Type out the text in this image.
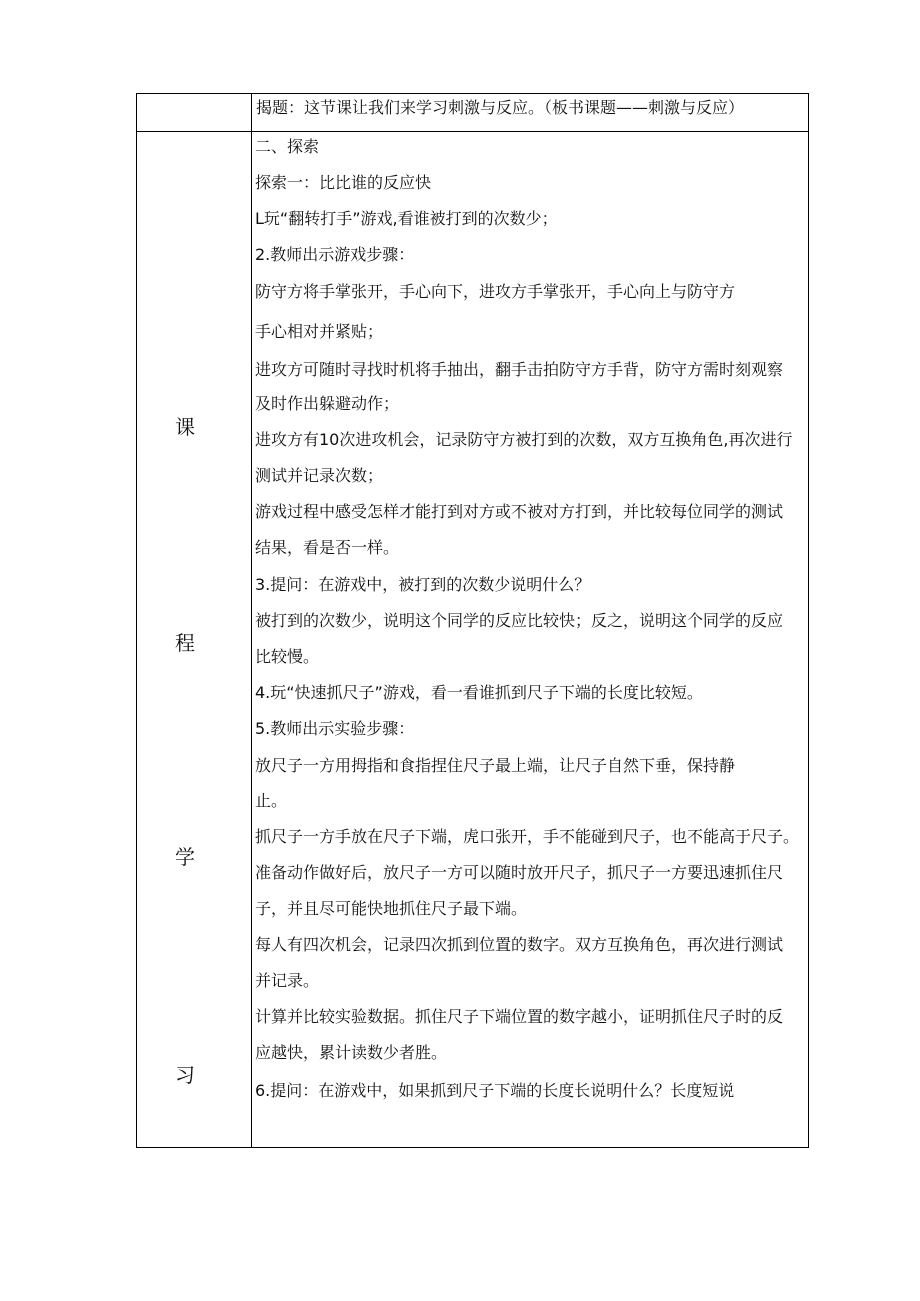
揭题：这节课让我们来学习刺激与反应。（板书课题——刺激与反应）
课
程
学
习
二、探索
探索一：比比谁的反应快
L玩“翻转打手”游戏,看谁被打到的次数少；
2.教师出示游戏步骤：
防守方将手掌张开，手心向下，进攻方手掌张开，手心向上与防守方
手心相对并紧贴；
进攻方可随时寻找时机将手抽出，翻手击拍防守方手背，防守方需时刻观察
及时作出躲避动作；
进攻方有10次进攻机会，记录防守方被打到的次数，双方互换角色,再次进行
测试并记录次数；
游戏过程中感受怎样才能打到对方或不被对方打到，并比较每位同学的测试
结果，看是否一样。
3.提问：在游戏中，被打到的次数少说明什么？
被打到的次数少，说明这个同学的反应比较快；反之，说明这个同学的反应
比较慢。
4.玩“快速抓尺子”游戏，看一看谁抓到尺子下端的长度比较短。
5.教师出示实验步骤：
放尺子一方用拇指和食指捏住尺子最上端，让尺子自然下垂，保持静
止。
抓尺子一方手放在尺子下端，虎口张开，手不能碰到尺子，也不能高于尺子。
准备动作做好后，放尺子一方可以随时放开尺子，抓尺子一方要迅速抓住尺
子，并且尽可能快地抓住尺子最下端。
每人有四次机会，记录四次抓到位置的数字。双方互换角色，再次进行测试
并记录。
计算并比较实验数据。抓住尺子下端位置的数字越小，证明抓住尺子时的反
应越快，累计读数少者胜。
6.提问：在游戏中，如果抓到尺子下端的长度长说明什么？长度短说
